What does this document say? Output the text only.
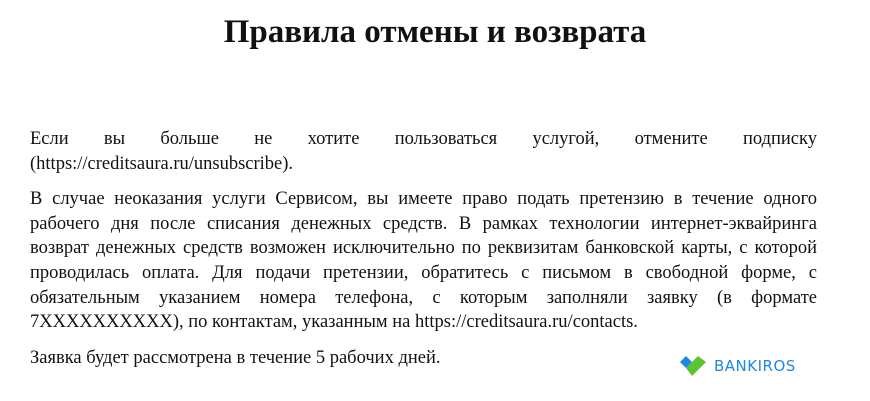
Правила отмены и возврата

Если вы больше не хотите пользоваться услугой, отмените подписку (https://creditsaura.ru/unsubscribe).

В случае неоказания услуги Сервисом, вы имеете право подать претензию в течение одного рабочего дня после списания денежных средств. В рамках технологии интернет-эквайринга возврат денежных средств возможен исключительно по реквизитам банковской карты, с которой проводилась оплата. Для подачи претензии, обратитесь с письмом в свободной форме, с обязательным указанием номера телефона, с которым заполняли заявку (в формате 7XXXXXXXXXX), по контактам, указанным на https://creditsaura.ru/contacts.

Заявка будет рассмотрена в течение 5 рабочих дней.	BANKIROS
